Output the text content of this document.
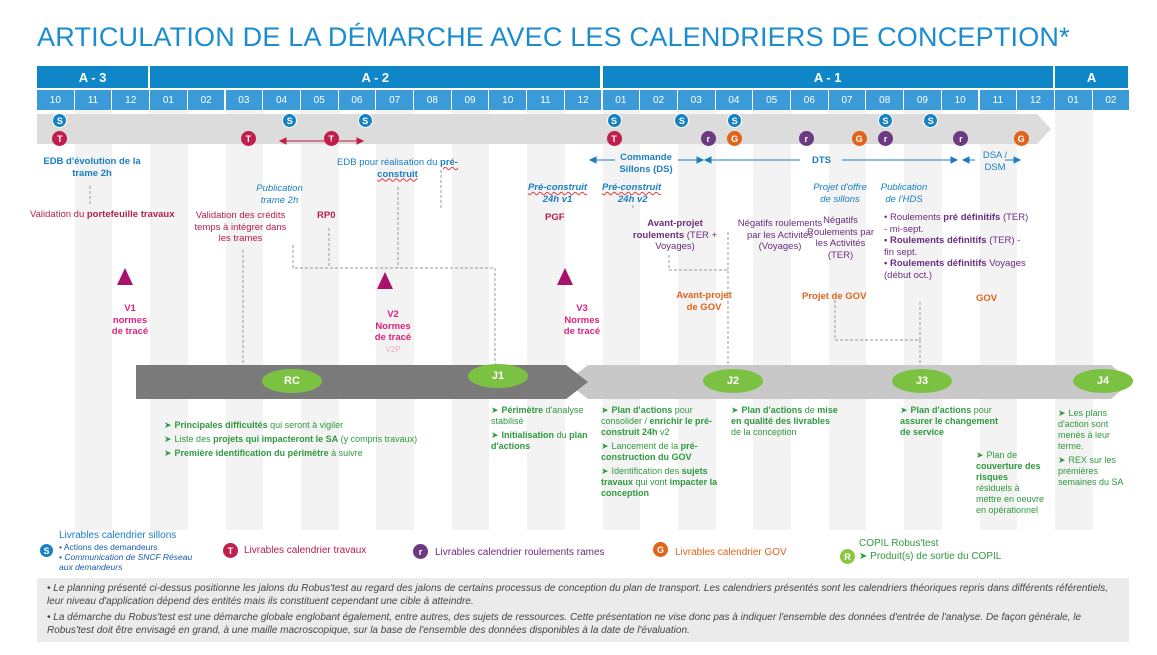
ARTICULATION DE LA DÉMARCHE AVEC LES CALENDRIERS DE CONCEPTION*
10	11	12	01	02	03	04	05	06	07	08	09	10	11	12	01	02	03	04	05	06	07	08	09	10	11	12	01	02
A - 3	A - 2	A - 1	A
S
T	T
S
T
S	S
T
S
r
S
G	r	G	r
S	S
r	G
EDB d'évolution de la trame 2h
Validation du portefeuille travaux	Validation des crédits temps à intégrer dans les trames
Publication trame 2h
RP0
EDB pour réalisation du pré-construit
Pré-construit
24h v1
PGF
Commande Sillons (DS)
DTS	DSA / DSM
Pré-construit
24h v2
Avant-projet roulements (TER + Voyages)
Négatifs roulements par les Activités (Voyages)
Projet d'offre de sillons
Négatifs Roulements par les Activités (TER)
Publication
de l'HDS
• Roulements pré définitifs (TER) - mi-sept.
• Roulements définitifs (TER) - fin sept.
• Roulements définitifs Voyages (début oct.)
Avant-projet de GOV
Projet de GOV	GOV
V1
normes de tracé
V2
Normes de tracé
V2P
V3
Normes de tracé
RC	J1	J2	J3	J4
➤ Principales difficultés qui seront à vigiler
➤ Liste des projets qui impacteront le SA (y compris travaux)
➤ Première identification du périmètre à suivre
➤ Périmètre d'analyse stabilisé
➤ Initialisation du plan d'actions
➤ Plan d'actions pour consolider / enrichir le pré-construit 24h v2
➤ Lancement de la pré-construction du GOV
➤ Identification des sujets travaux qui vont impacter la conception
➤ Plan d'actions de mise en qualité des livrables de la conception
➤ Plan d'actions pour assurer le changement de service
➤ Plan de couverture des risques résiduels à mettre en oeuvre en opérationnel
➤ Les plans d'action sont menés à leur terme.
➤ REX sur les premières semaines du SA
S
Livrables calendrier sillons
• Actions des demandeurs
• Communication de SNCF Réseau aux demandeurs
T	Livrables calendrier travaux	r	Livrables calendrier roulements rames	G	Livrables calendrier GOV	R
COPIL Robus'test
➤ Produit(s) de sortie du COPIL
• Le planning présenté ci-dessus positionne les jalons du Robus'test au regard des jalons de certains processus de conception du plan de transport. Les calendriers présentés sont les calendriers théoriques repris dans différents référentiels, leur niveau d'application dépend des entités mais ils constituent cependant une cible à atteindre.
• La démarche du Robus'test est une démarche globale englobant également, entre autres, des sujets de ressources. Cette présentation ne vise donc pas à indiquer l'ensemble des données d'entrée de l'analyse. De façon générale, le Robus'test doit être envisagé en grand, à une maille macroscopique, sur la base de l'ensemble des données disponibles à la date de l'évaluation.
